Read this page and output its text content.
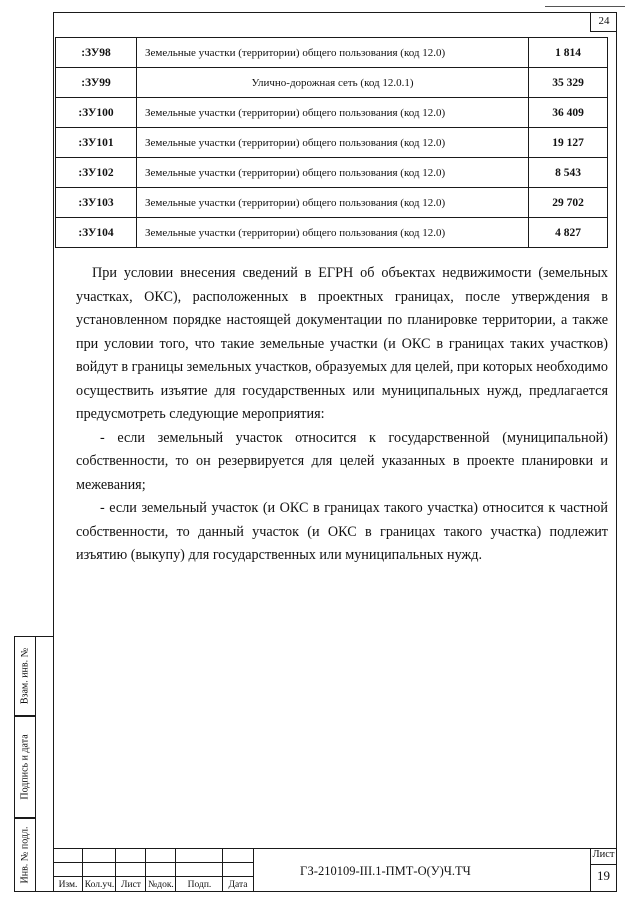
24
:ЗУ98	Земельные участки (территории) общего пользования (код 12.0)	1 814
:ЗУ99	Улично-дорожная сеть (код 12.0.1)	35 329
:ЗУ100	Земельные участки (территории) общего пользования (код 12.0)	36 409
:ЗУ101	Земельные участки (территории) общего пользования (код 12.0)	19 127
:ЗУ102	Земельные участки (территории) общего пользования (код 12.0)	8 543
:ЗУ103	Земельные участки (территории) общего пользования (код 12.0)	29 702
:ЗУ104	Земельные участки (территории) общего пользования (код 12.0)	4 827

При условии внесения сведений в ЕГРН об объектах недвижимости (земельных участках, ОКС), расположенных в проектных границах, после утверждения в установленном порядке настоящей документации по планировке территории, а также при условии того, что такие земельные участки (и ОКС в границах таких участков) войдут в границы земельных участков, образуемых для целей, при которых необходимо осуществить изъятие для государственных или муниципальных нужд, предлагается предусмотреть следующие мероприятия:

- если земельный участок относится к государственной (муниципальной) собственности, то он резервируется для целей указанных в проекте планировки и межевания;

- если земельный участок (и ОКС в границах такого участка) относится к частной собственности, то данный участок (и ОКС в границах такого участка) подлежит изъятию (выкупу) для государственных или муниципальных нужд.

Взам. инв. №
Подпись и дата
Инв. № подл.
Изм. Кол.уч. Лист №док.	Подп.	Дата
ГЗ-210109-III.1-ПМТ-О(У)Ч.ТЧ
Лист
19
